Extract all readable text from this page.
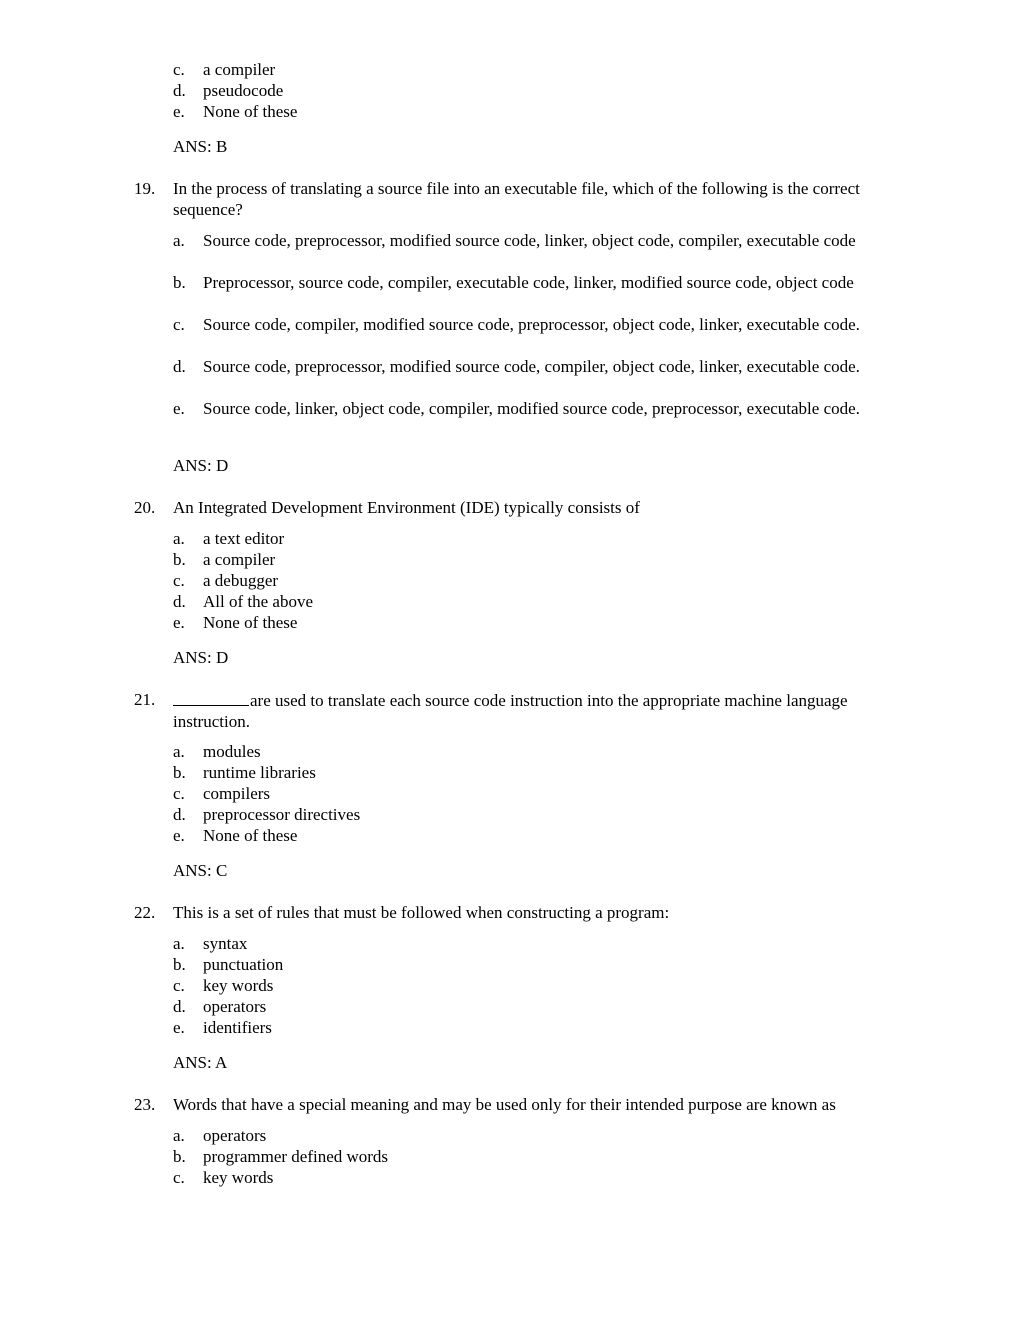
c. a compiler
d. pseudocode
e. None of these
ANS: B
19. In the process of translating a source file into an executable file, which of the following is the correct sequence?
a. Source code, preprocessor, modified source code, linker, object code, compiler, executable code
b. Preprocessor, source code, compiler, executable code, linker, modified source code, object code
c. Source code, compiler, modified source code, preprocessor, object code, linker, executable code.
d. Source code, preprocessor, modified source code, compiler, object code, linker, executable code.
e. Source code, linker, object code, compiler, modified source code, preprocessor, executable code.
ANS: D
20. An Integrated Development Environment (IDE) typically consists of
a. a text editor
b. a compiler
c. a debugger
d. All of the above
e. None of these
ANS: D
21.	are used to translate each source code instruction into the appropriate machine language instruction.
a. modules
b. runtime libraries
c. compilers
d. preprocessor directives
e. None of these
ANS: C
22. This is a set of rules that must be followed when constructing a program:
a. syntax
b. punctuation
c. key words
d. operators
e. identifiers
ANS: A
23. Words that have a special meaning and may be used only for their intended purpose are known as
a. operators
b. programmer defined words
c. key words
